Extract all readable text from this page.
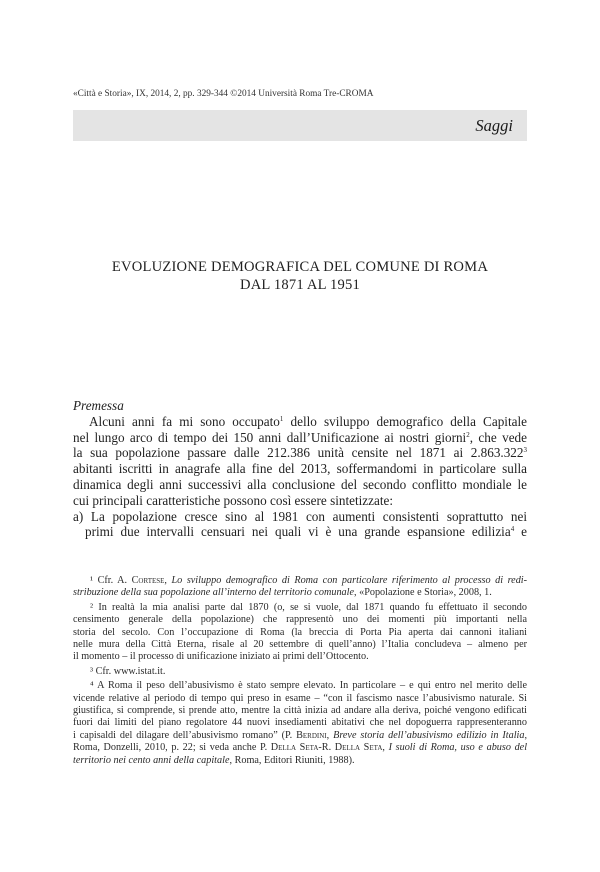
«Città e Storia», IX, 2014, 2, pp. 329-344 ©2014 Università Roma Tre-CROMA
Saggi
EVOLUZIONE DEMOGRAFICA DEL COMUNE DI ROMA
DAL 1871 AL 1951
Premessa
Alcuni anni fa mi sono occupato$^1$ dello sviluppo demografico della Capitale
nel lungo arco di tempo dei 150 anni dall’Unificazione ai nostri giorni$^2$, che vede
la sua popolazione passare dalle 212.386 unità censite nel 1871 ai 2.863.322$^3$
abitanti iscritti in anagrafe alla fine del 2013, soffermandomi in particolare sulla
dinamica degli anni successivi alla conclusione del secondo conflitto mondiale le
cui principali caratteristiche possono così essere sintetizzate:
a) La popolazione cresce sino al 1981 con aumenti consistenti soprattutto nei
primi due intervalli censuari nei quali vi è una grande espansione edilizia$^4$ e
¹ Cfr. A. Cortese, Lo sviluppo demografico di Roma con particolare riferimento al processo di redi-
stribuzione della sua popolazione all’interno del territorio comunale, «Popolazione e Storia», 2008, 1.
² In realtà la mia analisi parte dal 1870 (o, se si vuole, dal 1871 quando fu effettuato il secondo
censimento generale della popolazione) che rappresentò uno dei momenti più importanti nella
storia del secolo. Con l’occupazione di Roma (la breccia di Porta Pia aperta dai cannoni italiani
nelle mura della Città Eterna, risale al 20 settembre di quell’anno) l’Italia concludeva – almeno per
il momento – il processo di unificazione iniziato ai primi dell’Ottocento.
³ Cfr. www.istat.it.
⁴ A Roma il peso dell’abusivismo è stato sempre elevato. In particolare – e qui entro nel merito delle
vicende relative al periodo di tempo qui preso in esame – “con il fascismo nasce l’abusivismo naturale. Si
giustifica, si comprende, si prende atto, mentre la città inizia ad andare alla deriva, poiché vengono edificati
fuori dai limiti del piano regolatore 44 nuovi insediamenti abitativi che nel dopoguerra rappresenteranno
i capisaldi del dilagare dell’abusivismo romano” (P. Berdini, Breve storia dell’abusivismo edilizio in Italia,
Roma, Donzelli, 2010, p. 22; si veda anche P. Della Seta-R. Della Seta, I suoli di Roma, uso e abuso del
territorio nei cento anni della capitale, Roma, Editori Riuniti, 1988).
